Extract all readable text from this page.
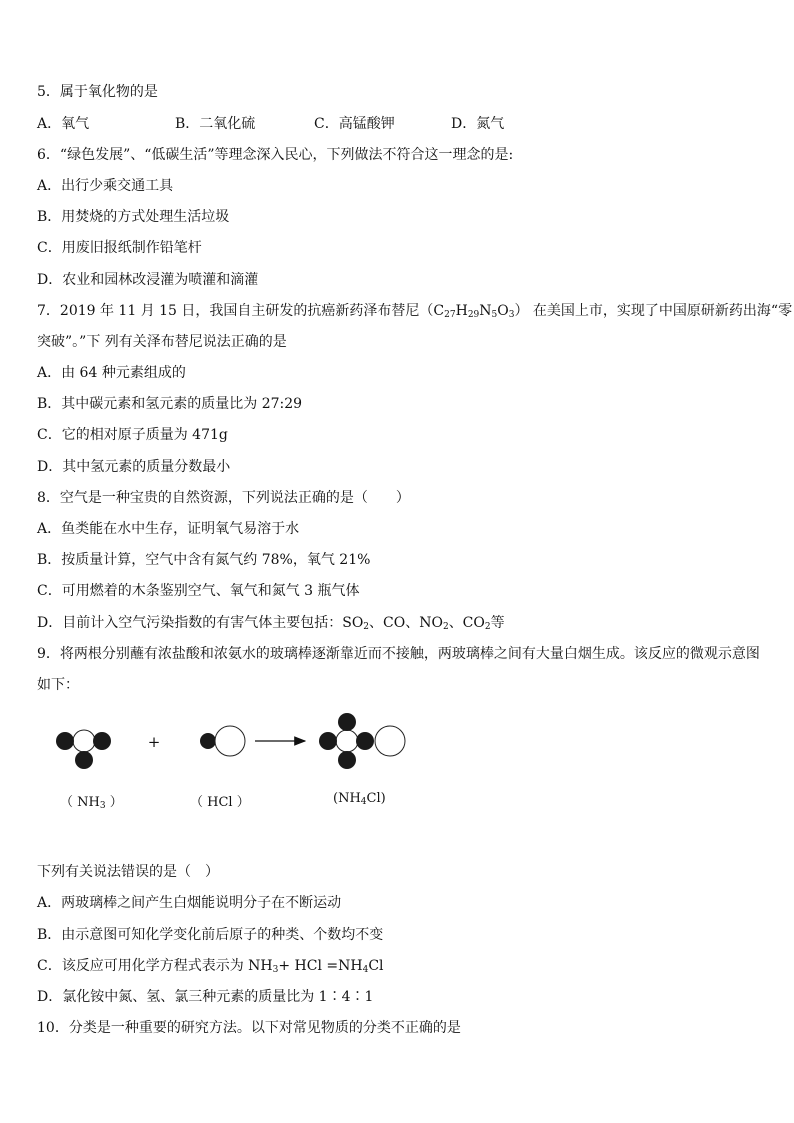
5．属于氧化物的是
A．氧气	B．二氧化硫	C．高锰酸钾	D．氮气
6．“绿色发展”、“低碳生活”等理念深入民心，下列做法不符合这一理念的是:
A．出行少乘交通工具
B．用焚烧的方式处理生活垃圾
C．用废旧报纸制作铅笔杆
D．农业和园林改浸灌为喷灌和滴灌
7．2019 年 11 月 15 日，我国自主研发的抗癌新药泽布替尼$(C_{27}H_{29}N_5O_3)$ 在美国上市，实现了中国原研新药出海“零
突破”。”下 列有关泽布替尼说法正确的是
A．由 64 种元素组成的
B．其中碳元素和氢元素的质量比为 27:29
C．它的相对原子质量为 471g
D．其中氢元素的质量分数最小
8．空气是一种宝贵的自然资源，下列说法正确的是（　　）
A．鱼类能在水中生存，证明氧气易溶于水
B．按质量计算，空气中含有氮气约 78%，氧气 21%
C．可用燃着的木条鉴别空气、氧气和氮气 3 瓶气体
D．目前计入空气污染指数的有害气体主要包括：$SO_2$、CO、$NO_2$、$CO_2$等
9．将两根分别蘸有浓盐酸和浓氨水的玻璃棒逐渐靠近而不接触，两玻璃棒之间有大量白烟生成。该反应的微观示意图
如下：
+
（ $NH_3$ ）	（ HCl ）	$(NH_4Cl)$
下列有关说法错误的是（　）
A．两玻璃棒之间产生白烟能说明分子在不断运动
B．由示意图可知化学变化前后原子的种类、个数均不变
C．该反应可用化学方程式表示为 $NH_3+$ HCl $=NH_4Cl$
D．氯化铵中氮、氢、氯三种元素的质量比为 1∶4∶1
10．分类是一种重要的研究方法。以下对常见物质的分类不正确的是
